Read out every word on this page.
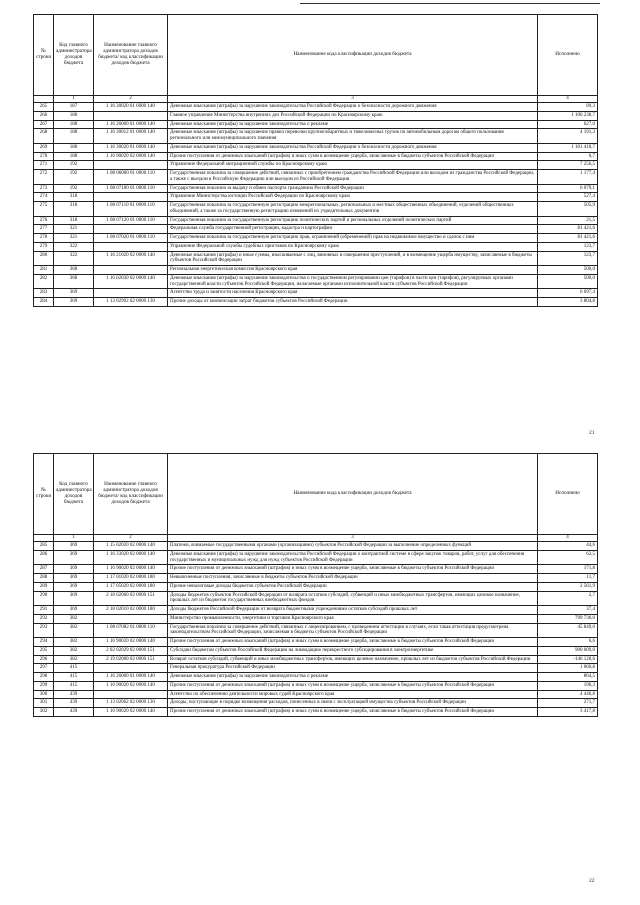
№ строки	Код главного администратора доходов бюджета	Наименование главного администратора доходов бюджета/ код классификации доходов бюджета	Наименование кода классификации доходов бюджета	Исполнено
	1	2	3	4
265	187	1 16 30020 01 6000 140	Денежные взыскания (штрафы) за нарушение законодательства Российской Федерации о безопасности дорожного движения	89,3
266	188		Главное управление Министерства внутренних дел Российской Федерации по Красноярскому краю	1 106 238,7
267	188	1 16 26000 01 6000 140	Денежные взыскания (штрафы) за нарушение законодательства о рекламе	627,0
268	188	1 16 30012 01 6000 140	Денежные взыскания (штрафы) за нарушение правил перевозки крупногабаритных и тяжеловесных грузов по автомобильным дорогам общего пользования регионального или межмуниципального значения	4 191,3
269	188	1 16 30020 01 6000 140	Денежные взыскания (штрафы) за нарушение законодательства Российской Федерации о безопасности дорожного движения	1 101 418,7
270	188	1 16 90020 02 6000 140	Прочие поступления от денежных взысканий (штрафов) и иных сумм в возмещение ущерба, зачисляемые в бюджеты субъектов Российской Федерации	0,7
271	192		Управление Федеральной миграционной службы по Красноярскому краю	7 256,5
272	192	1 08 06000 01 0000 110	Государственная пошлина за совершение действий, связанных с приобретением гражданства Российской Федерации или выходом из гражданства Российской Федерации, а также с въездом в Российскую Федерацию или выездом из Российской Федерации	1 177,4
273	192	1 08 07100 01 0000 110	Государственная пошлина за выдачу и обмен паспорта гражданина Российской Федерации	6 079,1
274	318		Управление Министерства юстиции Российской Федерации по Красноярскому краю	527,4
275	318	1 08 07110 01 0000 110	Государственная пошлина за государственную регистрацию межрегиональных, региональных и местных общественных объединений, отделений общественных объединений, а также за государственную регистрацию изменений их учредительных документов	505,9
276	318	1 08 07120 01 0000 110	Государственная пошлина за государственную регистрацию политических партий и региональных отделений политических партий	21,5
277	321		Федеральная служба государственной регистрации, кадастра и картографии	81 421,6
278	321	1 08 07020 01 0000 110	Государственная пошлина за государственную регистрацию прав, ограничений (обременений) прав на недвижимое имущество и сделок с ним	81 421,6
279	322		Управление Федеральной службы судебных приставов по Красноярскому краю	123,7
280	322	1 16 21020 02 0000 140	Денежные взыскания (штрафы) и иные суммы, взыскиваемые с лиц, виновных в совершении преступлений, и в возмещение ущерба имуществу, зачисляемые в бюджеты субъектов Российской Федерации	123,7
281	368		Региональная энергетическая комиссия Красноярского края	500,0
282	368	1 16 02030 02 0000 140	Денежные взыскания (штрафы) за нарушение законодательства о государственном регулировании цен (тарифов) в части цен (тарифов), регулируемых органами государственной власти субъектов Российской Федерации, налагаемые органами исполнительной власти субъектов Российской Федерации	500,0
283	369		Агентство труда и занятости населения Красноярского края	6 697,4
284	369	1 13 02992 02 0000 130	Прочие доходы от компенсации затрат бюджетов субъектов Российской Федерации	3 804,8
21
№ строки	Код главного администратора доходов бюджета	Наименование главного администратора доходов бюджета/ код классификации доходов бюджета	Наименование кода классификации доходов бюджета	Исполнено
	1	2	3	4
285	369	1 15 02020 02 0000 140	Платежи, взимаемые государственными органами (организациями) субъектов Российской Федерации за выполнение определенных функций	44,6
286	369	1 16 33020 02 0000 140	Денежные взыскания (штрафы) за нарушение законодательства Российской Федерации о контрактной системе в сфере закупок товаров, работ, услуг для обеспечения государственных и муниципальных нужд для нужд субъектов Российской Федерации	62,5
287	369	1 16 90020 02 0000 140	Прочие поступления от денежных взысканий (штрафов) и иных сумм в возмещение ущерба, зачисляемые в бюджеты субъектов Российской Федерации	171,8
288	369	1 17 01020 02 0000 180	Невыясненные поступления, зачисляемые в бюджеты субъектов Российской Федерации	11,7
289	369	1 17 05020 02 0000 180	Прочие неналоговые доходы бюджетов субъектов Российской Федерации	2 561,9
290	369	2 18 02060 02 0000 151	Доходы бюджетов субъектов Российской Федерации от возврата остатков субсидий, субвенций и иных межбюджетных трансфертов, имеющих целевое назначение, прошлых лет из бюджетов государственных внебюджетных фондов	2,7
291	369	2 18 02010 02 0000 180	Доходы бюджетов Российской Федерации от возврата бюджетными учреждениями остатков субсидий прошлых лет	37,4
292	382		Министерство промышленности, энергетики и торговли Красноярского края	799 736,0
293	382	1 08 07082 01 0000 110	Государственная пошлина за совершение действий, связанных с лицензированием, с проведением аттестации в случаях, если такая аттестация предусмотрена законодательством Российской Федерации, зачисляемая в бюджеты субъектов Российской Федерации	45 849,0
294	382	1 16 90020 02 0000 140	Прочие поступления от денежных взысканий (штрафов) и иных сумм в возмещение ущерба, зачисляемые в бюджеты субъектов Российской Федерации	6,6
295	382	2 02 02029 02 0000 151	Субсидии бюджетам субъектов Российской Федерации на ликвидацию перекрестного субсидирования в электроэнергетике	900 009,0
296	382	2 19 02000 02 0000 151	Возврат остатков субсидий, субвенций и иных межбюджетных трансфертов, имеющих целевое назначение, прошлых лет из бюджетов субъектов Российской Федерации	-146 128,6
297	415		Генеральная прокуратура Российской Федерации	1 060,8
298	415	1 16 26000 01 0000 140	Денежные взыскания (штрафы) за нарушение законодательства о рекламе	864,5
299	415	1 16 90020 02 0000 140	Прочие поступления от денежных взысканий (штрафов) и иных сумм в возмещение ущерба, зачисляемые в бюджеты субъектов Российской Федерации	196,3
300	439		Агентство по обеспечению деятельности мировых судей Красноярского края	4 446,8
301	439	1 13 02062 02 0000 130	Доходы, поступающие в порядке возмещения расходов, понесенных в связи с эксплуатацией имущества субъектов Российской Федерации	271,7
302	439	1 16 90020 02 0000 140	Прочие поступления от денежных взысканий (штрафов) и иных сумм в возмещение ущерба, зачисляемые в бюджеты субъектов Российской Федерации	3 417,8
22
